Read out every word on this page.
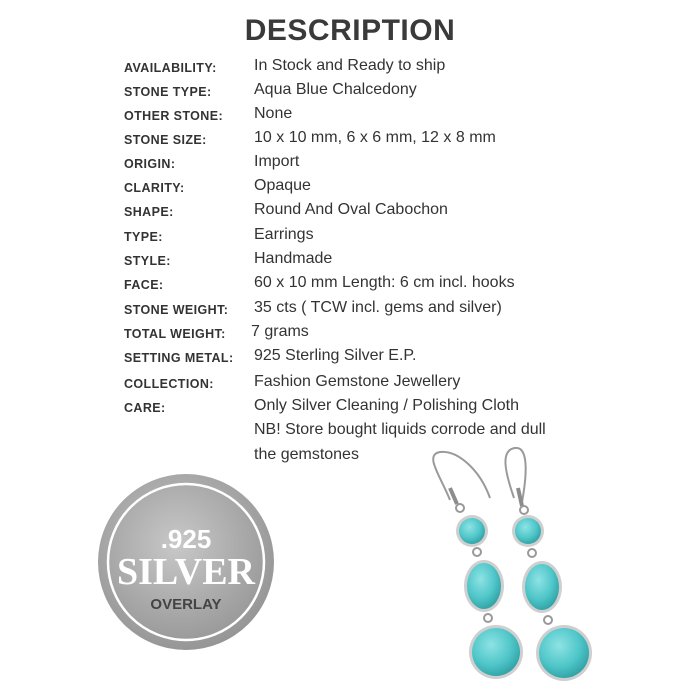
DESCRIPTION
AVAILABILITY: In Stock and Ready to ship
STONE TYPE:	Aqua Blue Chalcedony
OTHER STONE: None
STONE SIZE:	10 x 10 mm, 6 x 6 mm, 12 x 8 mm
ORIGIN:	Import
CLARITY:	Opaque
SHAPE:	Round And Oval Cabochon
TYPE:	Earrings
STYLE:	Handmade
FACE:	60 x 10 mm Length: 6 cm incl. hooks
STONE WEIGHT: 35 cts ( TCW incl. gems and silver)
TOTAL WEIGHT: 7 grams
SETTING METAL: 925 Sterling Silver E.P.
COLLECTION:	Fashion Gemstone Jewellery
CARE:	Only Silver Cleaning / Polishing Cloth
NB! Store bought liquids corrode and dull
the gemstones
.925
SILVER
OVERLAY
